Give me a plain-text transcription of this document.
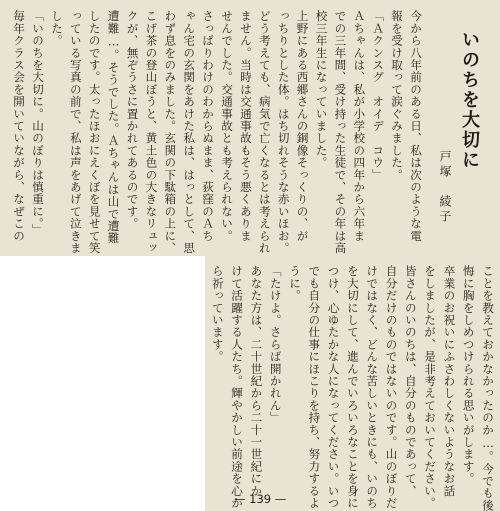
いのちを大切に
戸塚　綾子
今から八年前のある日、私は次のような電
報を受け取って涙ぐみました。
「Ａクンスグ　オイデ　コウ」
Ａちゃんは、私が小学校の四年から六年ま
での三年間、受け持った生徒で、その年は高
校三年生になっていました。
上野にある西郷さんの銅像そっくりの、が
っちりとした体。はち切れそうな赤いほお。
どう考えても、病気で亡くなるとは考えられ
ません。当時は交通事故もそう悪くありま
せんでした。交通事故とも考えられない。
さっぱりわけのわからぬまま、荻窪のＡち
ゃん宅の玄関をあけた私は、はっとして、思
わず息をのみました。玄関の下駄箱の上に、
こげ茶の登山ぼうと、黄土色の大きなリュッ
クが、無ぞうさに置かれてあるのです。
遭難…。そうでした。Ａちゃんは山で遭難
したのです。太ったほおにえくぼを見せて笑
っている写真の前で、私は声をあげて泣きま
した。
「いのちを大切に。山のぼりは慎重に。」
毎年クラス会を開いていながら、なぜこの
ことを教えておかなかったのか…。今でも後
悔に胸をしめつけられる思いがします。
卒業のお祝いにふさわしくないようなお話
をしましたが、是非考えておいてください。
皆さんのいのちは、自分のものであって、
自分だけのものではないのです。山のぼりだ
けではなく、どんな苦しいときにも、いのち
を大切にして、進んでいろいろなことを身に
つけ、心ゆたかな人になってください。いつ
でも自分の仕事にほこりを持ち、努力するよ
うに。
「たけよ。さらば開かれん」
あなた方は、二十世紀から二十一世紀にか
けて活躍する人たち。輝やかしい前途を心か
ら祈っています。
— 139 —
